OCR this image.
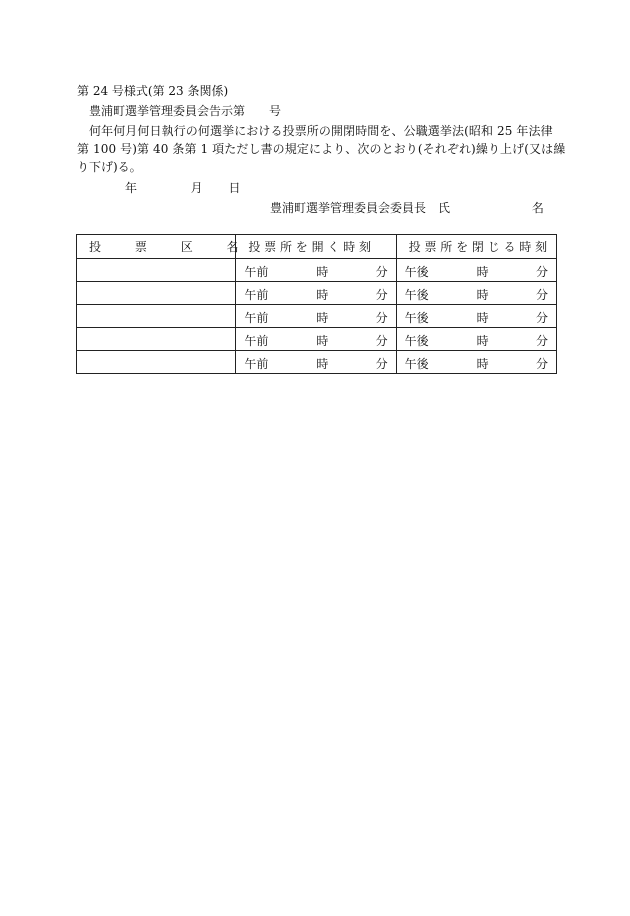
第 24 号様式(第 23 条関係)
豊浦町選挙管理委員会告示第　　号
何年何月何日執行の何選挙における投票所の開閉時間を、公職選挙法(昭和 25 年法律
第 100 号)第 40 条第 1 項ただし書の規定により、次のとおり(それぞれ)繰り上げ(又は繰
り下げ)る。
年	月 日
豊浦町選挙管理委員会委員長　氏	名
投 票 区 名	投 票 所 を 開 く 時 刻	投 票 所 を 閉 じ る 時 刻

	午前 時 分	午後 時 分

	午前 時 分	午後 時 分

	午前 時 分	午後 時 分

	午前 時 分	午後 時 分

	午前 時 分	午後 時 分
